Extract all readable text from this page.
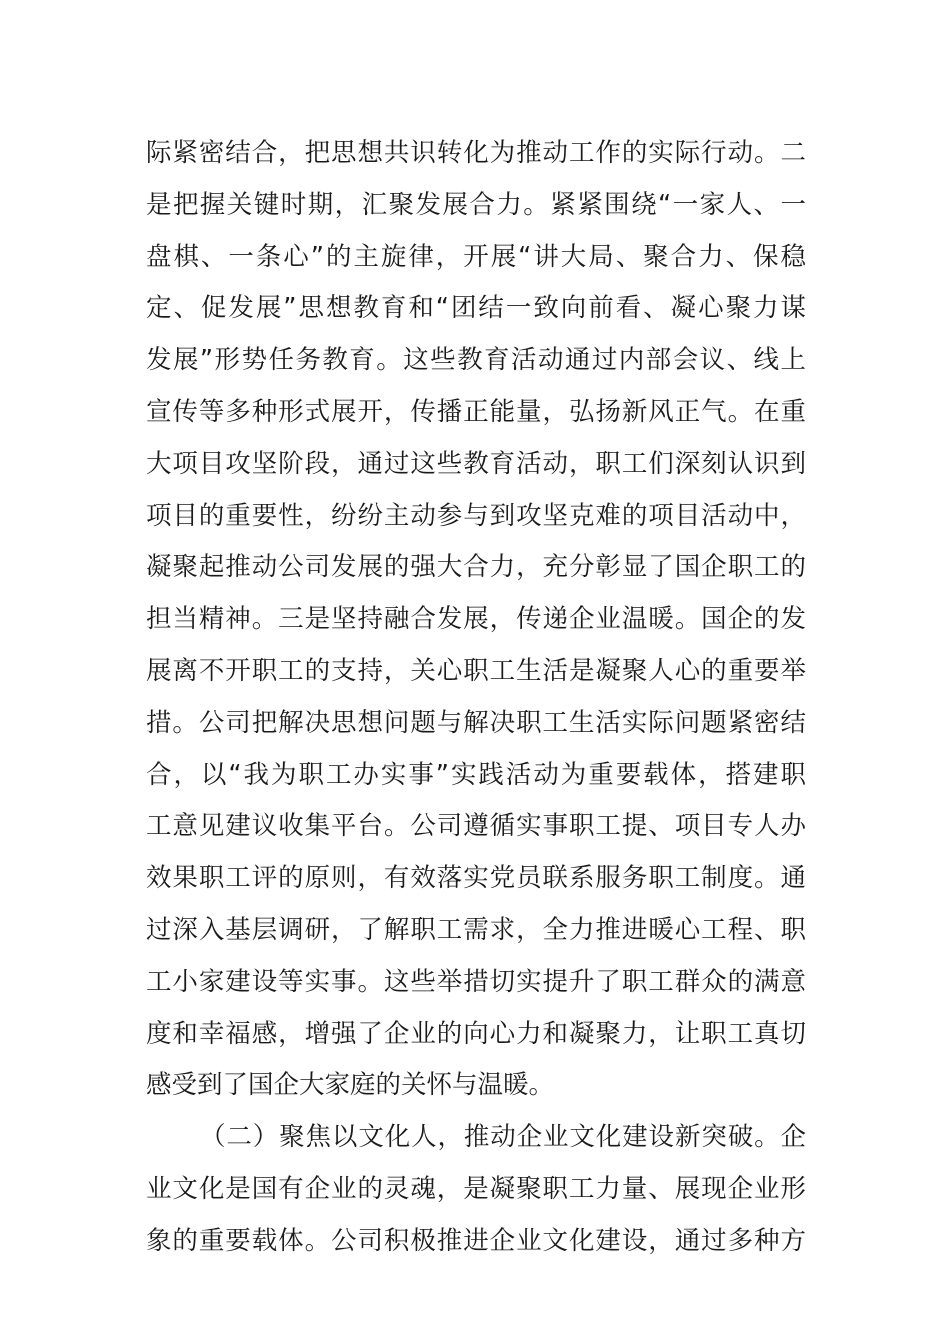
际紧密结合，把思想共识转化为推动工作的实际行动。二
是把握关键时期，汇聚发展合力。紧紧围绕“一家人、一
盘棋、一条心”的主旋律，开展“讲大局、聚合力、保稳
定、促发展”思想教育和“团结一致向前看、凝心聚力谋
发展”形势任务教育。这些教育活动通过内部会议、线上
宣传等多种形式展开，传播正能量，弘扬新风正气。在重
大项目攻坚阶段，通过这些教育活动，职工们深刻认识到
项目的重要性，纷纷主动参与到攻坚克难的项目活动中，
凝聚起推动公司发展的强大合力，充分彰显了国企职工的
担当精神。三是坚持融合发展，传递企业温暖。国企的发
展离不开职工的支持，关心职工生活是凝聚人心的重要举
措。公司把解决思想问题与解决职工生活实际问题紧密结
合，以“我为职工办实事”实践活动为重要载体，搭建职
工意见建议收集平台。公司遵循实事职工提、项目专人办
效果职工评的原则，有效落实党员联系服务职工制度。通
过深入基层调研，了解职工需求，全力推进暖心工程、职
工小家建设等实事。这些举措切实提升了职工群众的满意
度和幸福感，增强了企业的向心力和凝聚力，让职工真切
感受到了国企大家庭的关怀与温暖。
（二）聚焦以文化人，推动企业文化建设新突破。企
业文化是国有企业的灵魂，是凝聚职工力量、展现企业形
象的重要载体。公司积极推进企业文化建设，通过多种方
